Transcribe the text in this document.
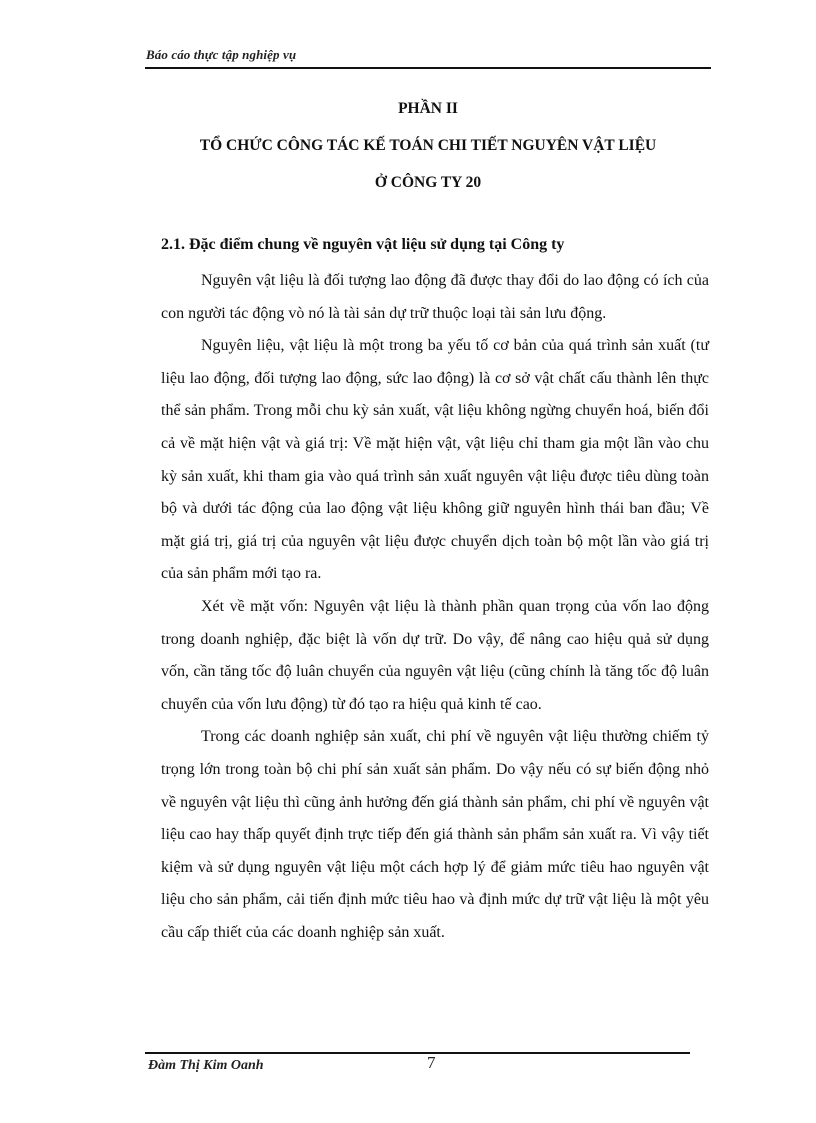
Báo cáo thực tập nghiệp vụ
PHẦN II
TỔ CHỨC CÔNG TÁC KẾ TOÁN CHI TIẾT NGUYÊN VẬT LIỆU
Ở CÔNG TY 20
2.1. Đặc điểm chung về nguyên vật liệu sử dụng tại Công ty

Nguyên vật liệu là đối tượng lao động đã được thay đổi do lao động có ích của con người tác động vò nó là tài sản dự trữ thuộc loại tài sản lưu động.

Nguyên liệu, vật liệu là một trong ba yếu tố cơ bản của quá trình sản xuất (tư liệu lao động, đối tượng lao động, sức lao động) là cơ sở vật chất cấu thành lên thực thể sản phẩm. Trong mỗi chu kỳ sản xuất, vật liệu không ngừng chuyển hoá, biến đổi cả về mặt hiện vật và giá trị: Về mặt hiện vật, vật liệu chỉ tham gia một lần vào chu kỳ sản xuất, khi tham gia vào quá trình sản xuất nguyên vật liệu được tiêu dùng toàn bộ và dưới tác động của lao động vật liệu không giữ nguyên hình thái ban đầu; Về mặt giá trị, giá trị của nguyên vật liệu được chuyển dịch toàn bộ một lần vào giá trị của sản phẩm mới tạo ra.

Xét về mặt vốn: Nguyên vật liệu là thành phần quan trọng của vốn lao động trong doanh nghiệp, đặc biệt là vốn dự trữ. Do vậy, để nâng cao hiệu quả sử dụng vốn, cần tăng tốc độ luân chuyển của nguyên vật liệu (cũng chính là tăng tốc độ luân chuyển của vốn lưu động) từ đó tạo ra hiệu quả kinh tế cao.

Trong các doanh nghiệp sản xuất, chi phí về nguyên vật liệu thường chiếm tỷ trọng lớn trong toàn bộ chi phí sản xuất sản phẩm. Do vậy nếu có sự biến động nhỏ về nguyên vật liệu thì cũng ảnh hưởng đến giá thành sản phẩm, chi phí về nguyên vật liệu cao hay thấp quyết định trực tiếp đến giá thành sản phẩm sản xuất ra. Vì vậy tiết kiệm và sử dụng nguyên vật liệu một cách hợp lý để giảm mức tiêu hao nguyên vật liệu cho sản phẩm, cải tiến định mức tiêu hao và định mức dự trữ vật liệu là một yêu cầu cấp thiết của các doanh nghiệp sản xuất.

Đàm Thị Kim Oanh	7
